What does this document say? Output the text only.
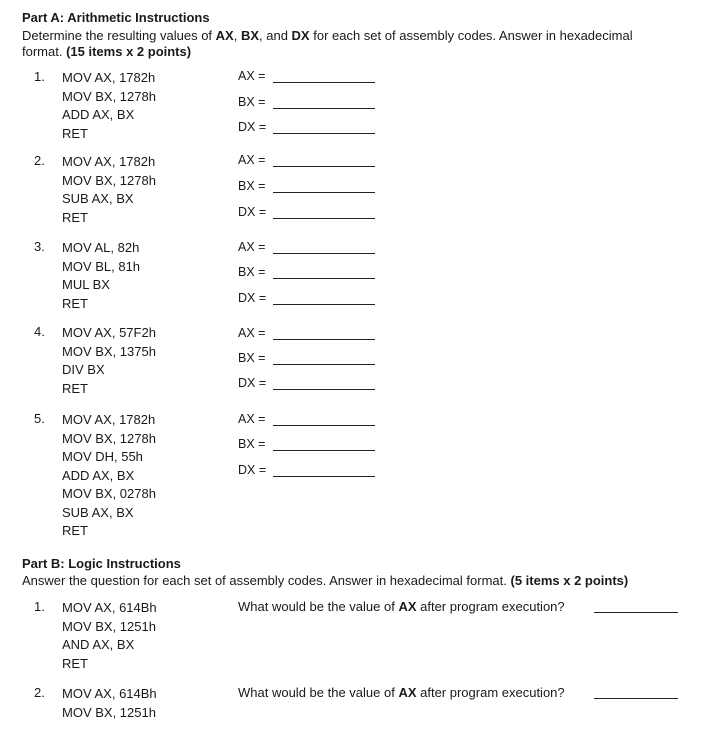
Part A: Arithmetic Instructions
Determine the resulting values of AX, BX, and DX for each set of assembly codes. Answer in hexadecimal
format. (15 items x 2 points)
1. MOV AX, 1782h
MOV BX, 1278h
ADD AX, BX
RET
AX =
BX =
DX =
2. MOV AX, 1782h
MOV BX, 1278h
SUB AX, BX
RET
AX =
BX =
DX =
3. MOV AL, 82h
MOV BL, 81h
MUL BX
RET
AX =
BX =
DX =
4. MOV AX, 57F2h
MOV BX, 1375h
DIV BX
RET
AX =
BX =
DX =
5. MOV AX, 1782h
MOV BX, 1278h
MOV DH, 55h
ADD AX, BX
MOV BX, 0278h
SUB AX, BX
RET
AX =
BX =
DX =
Part B: Logic Instructions
Answer the question for each set of assembly codes. Answer in hexadecimal format. (5 items x 2 points)
1. MOV AX, 614Bh
MOV BX, 1251h
AND AX, BX
RET
What would be the value of AX after program execution?
2. MOV AX, 614Bh
MOV BX, 1251h
What would be the value of AX after program execution?
